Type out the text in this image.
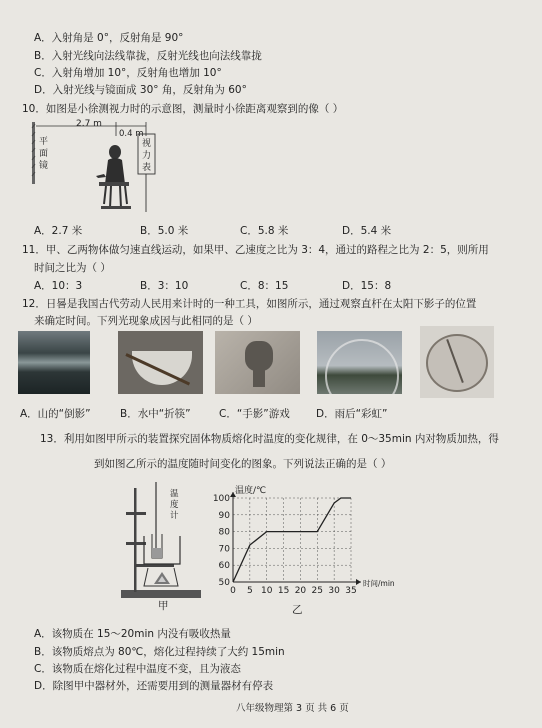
A．入射角是 0°，反射角是 90°
B．入射光线向法线靠拢，反射光线也向法线靠拢
C．入射角增加 10°，反射角也增加 10°
D．入射光线与镜面成 30° 角，反射角为 60°
10．如图是小徐测视力时的示意图，测量时小徐距离观察到的像（ ）
2.7 m
0.4 m
平
面
镜
视
力
表
A．2.7 米	B．5.0 米	C．5.8 米	D．5.4 米
11．甲、乙两物体做匀速直线运动，如果甲、乙速度之比为 3：4，通过的路程之比为 2：5，则所用
时间之比为（ ）
A．10：3	B．3：10	C．8：15	D．15：8
12．日晷是我国古代劳动人民用来计时的一种工具，如图所示，通过观察直杆在太阳下影子的位置
来确定时间。下列光现象成因与此相同的是（ ）
A．山的“倒影”	B．水中“折筷”	C．“手影”游戏	D．雨后“彩虹”
13．利用如图甲所示的装置探究固体物质熔化时温度的变化规律，在 0～35min 内对物质加热，得
到如图乙所示的温度随时间变化的图象。下列说法正确的是（ ）
温
度
计
甲
0 5 10 15 20 25 30 35
50
60
70
80
90
100
温度/℃
时间/min
乙
A．该物质在 15～20min 内没有吸收热量
B．该物质熔点为 80℃，熔化过程持续了大约 15min
C．该物质在熔化过程中温度不变，且为液态
D．除图甲中器材外，还需要用到的测量器材有停表
八年级物理第 3 页 共 6 页
